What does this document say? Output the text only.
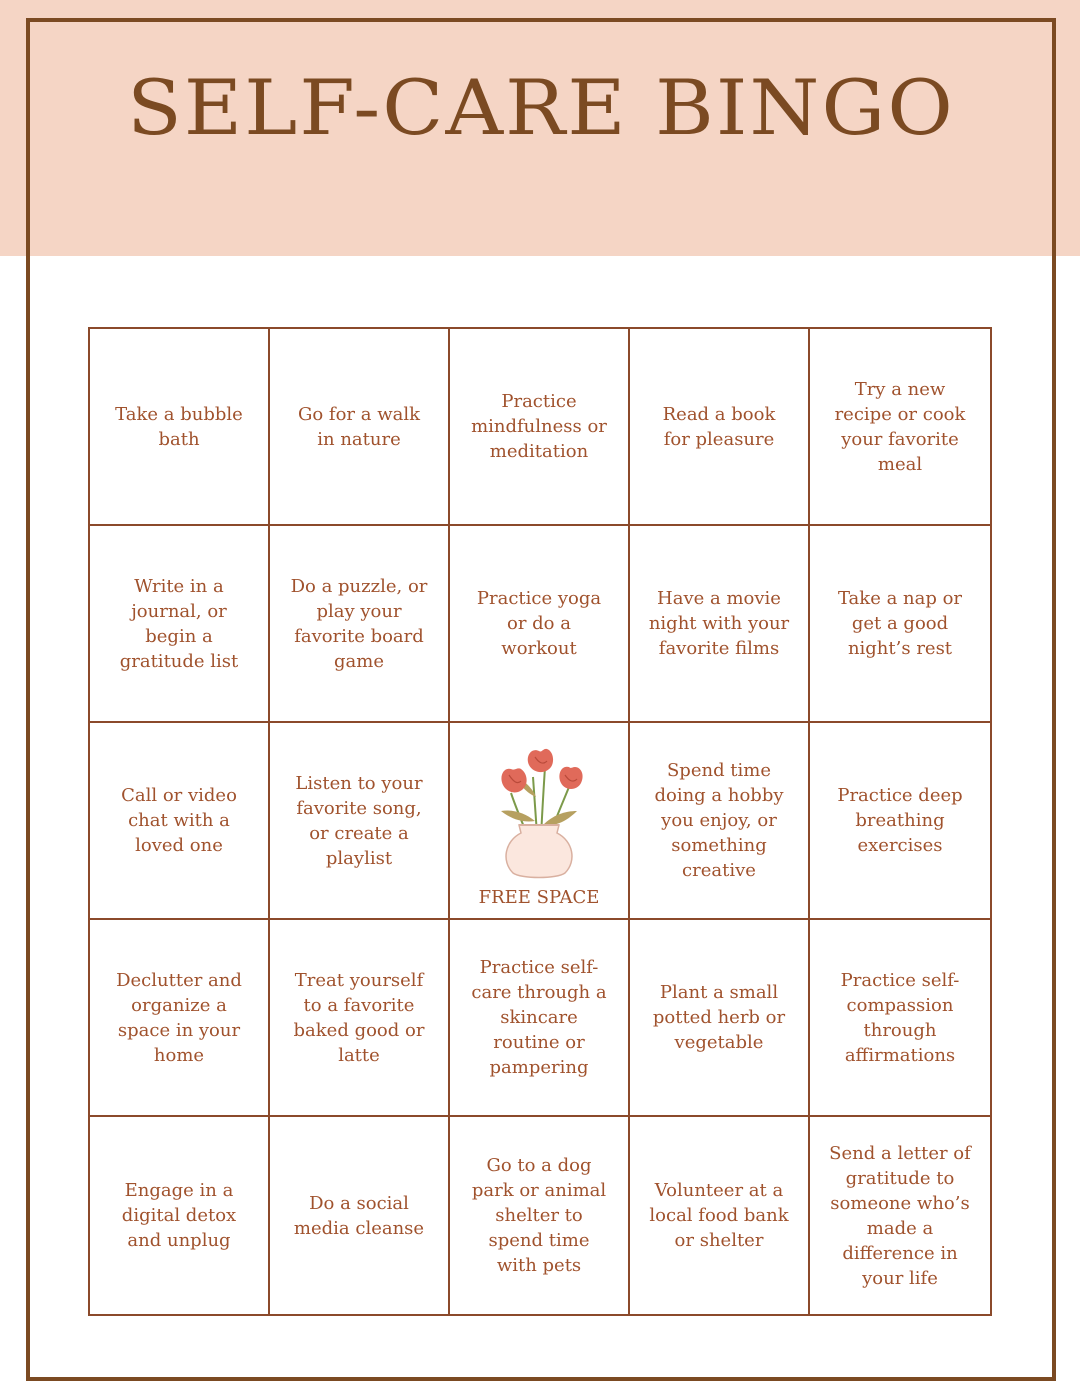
SELF-CARE BINGO
Take a bubble bath
Go for a walk in nature
Practice mindfulness or meditation
Read a book for pleasure
Try a new recipe or cook your favorite meal
Write in a journal, or begin a gratitude list
Do a puzzle, or play your favorite board game
Practice yoga or do a workout
Have a movie night with your favorite films
Take a nap or get a good night’s rest
Call or video chat with a loved one
Listen to your favorite song, or create a playlist
FREE SPACE
Spend time doing a hobby you enjoy, or something creative
Practice deep breathing exercises
Declutter and organize a space in your home
Treat yourself to a favorite baked good or latte
Practice self-care through a skincare routine or pampering
Plant a small potted herb or vegetable
Practice self-compassion through affirmations
Engage in a digital detox and unplug
Do a social media cleanse
Go to a dog park or animal shelter to spend time with pets
Volunteer at a local food bank or shelter
Send a letter of gratitude to someone who’s made a difference in your life
